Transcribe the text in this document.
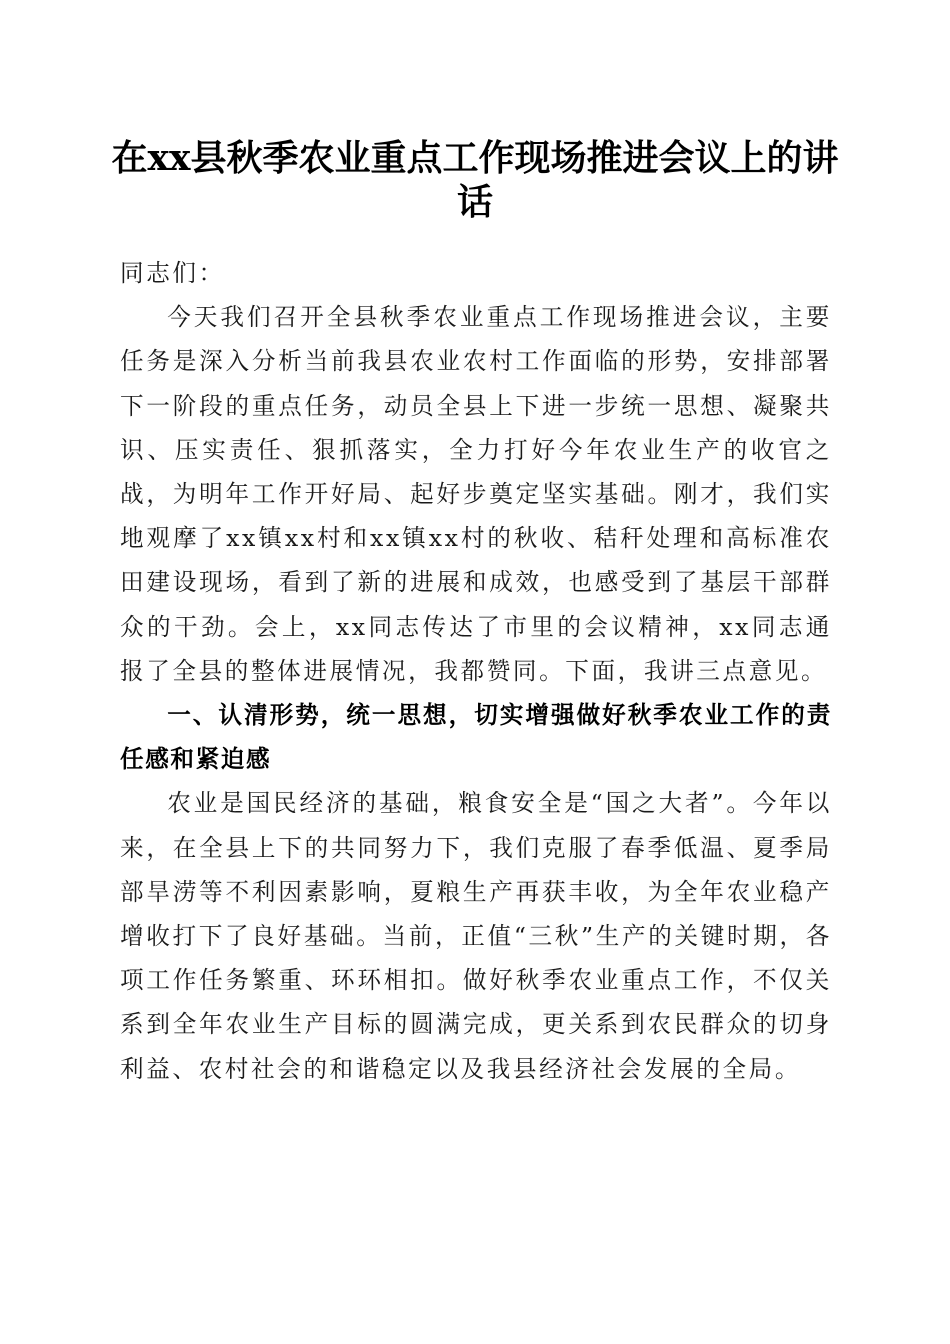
在xx县秋季农业重点工作现场推进会议上的讲话

同志们：

今天我们召开全县秋季农业重点工作现场推进会议，主要任务是深入分析当前我县农业农村工作面临的形势，安排部署下一阶段的重点任务，动员全县上下进一步统一思想、凝聚共识、压实责任、狠抓落实，全力打好今年农业生产的收官之战，为明年工作开好局、起好步奠定坚实基础。刚才，我们实地观摩了xx镇xx村和xx镇xx村的秋收、秸秆处理和高标准农田建设现场，看到了新的进展和成效，也感受到了基层干部群众的干劲。会上，xx同志传达了市里的会议精神，xx同志通报了全县的整体进展情况，我都赞同。下面，我讲三点意见。

一、认清形势，统一思想，切实增强做好秋季农业工作的责任感和紧迫感

农业是国民经济的基础，粮食安全是“国之大者”。今年以来，在全县上下的共同努力下，我们克服了春季低温、夏季局部旱涝等不利因素影响，夏粮生产再获丰收，为全年农业稳产增收打下了良好基础。当前，正值“三秋”生产的关键时期，各项工作任务繁重、环环相扣。做好秋季农业重点工作，不仅关系到全年农业生产目标的圆满完成，更关系到农民群众的切身利益、农村社会的和谐稳定以及我县经济社会发展的全局。
